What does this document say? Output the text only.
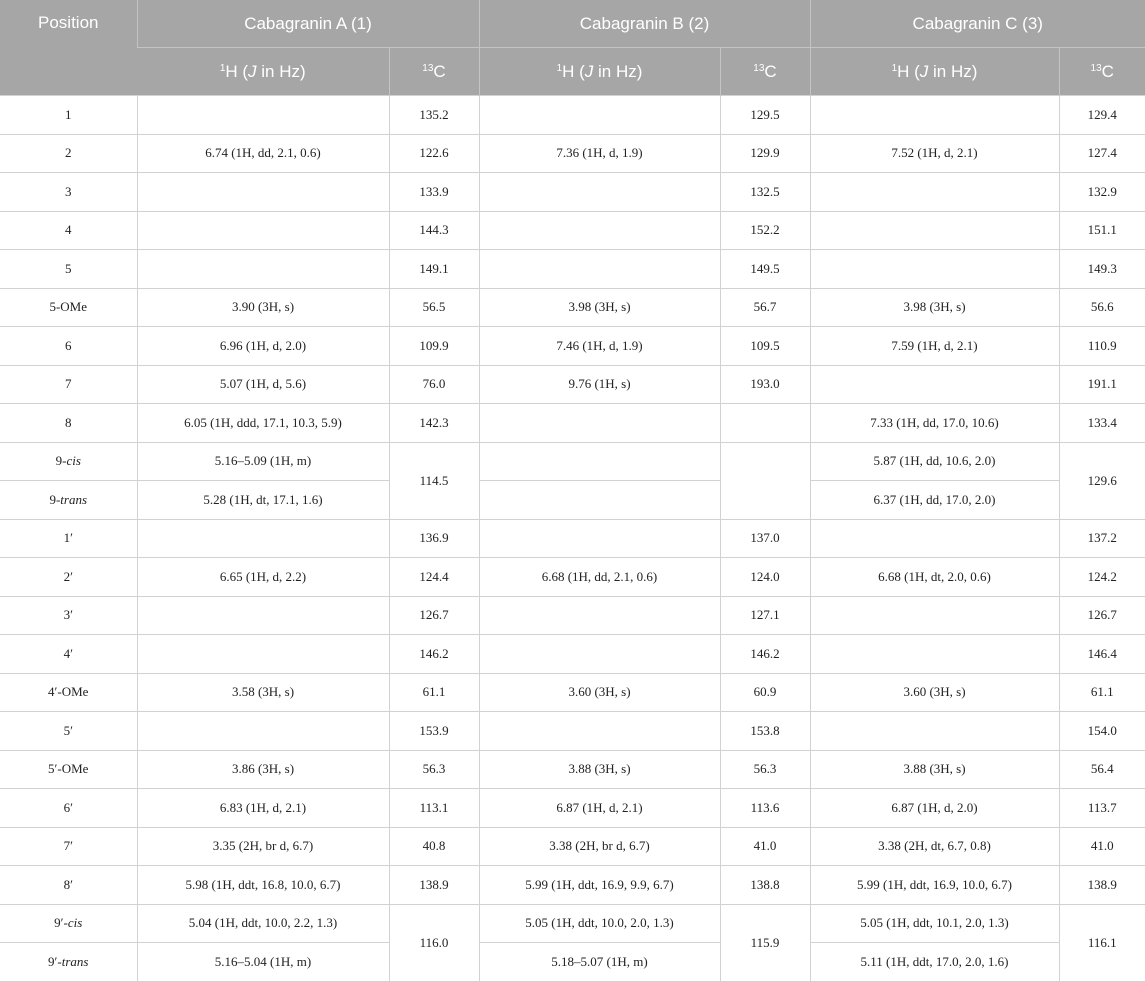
Position	Cabagranin A (1)		Cabagranin B (2)		Cabagranin C (3)	
	$^1$H (J in Hz)	$^{13}$C	$^1$H (J in Hz)	$^{13}$C	$^1$H (J in Hz)	$^{13}$C
1		135.2		129.5		129.4
2	6.74 (1H, dd, 2.1, 0.6)	122.6	7.36 (1H, d, 1.9)	129.9	7.52 (1H, d, 2.1)	127.4
3		133.9		132.5		132.9
4		144.3		152.2		151.1
5		149.1		149.5		149.3
5-OMe	3.90 (3H, s)	56.5	3.98 (3H, s)	56.7	3.98 (3H, s)	56.6
6	6.96 (1H, d, 2.0)	109.9	7.46 (1H, d, 1.9)	109.5	7.59 (1H, d, 2.1)	110.9
7	5.07 (1H, d, 5.6)	76.0	9.76 (1H, s)	193.0		191.1
8	6.05 (1H, ddd, 17.1, 10.3, 5.9)	142.3			7.33 (1H, dd, 17.0, 10.6)	133.4
9-cis	5.16–5.09 (1H, m)	114.5			5.87 (1H, dd, 10.6, 2.0)	129.6
9-trans	5.28 (1H, dt, 17.1, 1.6)				6.37 (1H, dd, 17.0, 2.0)	
1′		136.9		137.0		137.2
2′	6.65 (1H, d, 2.2)	124.4	6.68 (1H, dd, 2.1, 0.6)	124.0	6.68 (1H, dt, 2.0, 0.6)	124.2
3′		126.7		127.1		126.7
4′		146.2		146.2		146.4
4′-OMe	3.58 (3H, s)	61.1	3.60 (3H, s)	60.9	3.60 (3H, s)	61.1
5′		153.9		153.8		154.0
5′-OMe	3.86 (3H, s)	56.3	3.88 (3H, s)	56.3	3.88 (3H, s)	56.4
6′	6.83 (1H, d, 2.1)	113.1	6.87 (1H, d, 2.1)	113.6	6.87 (1H, d, 2.0)	113.7
7′	3.35 (2H, br d, 6.7)	40.8	3.38 (2H, br d, 6.7)	41.0	3.38 (2H, dt, 6.7, 0.8)	41.0
8′	5.98 (1H, ddt, 16.8, 10.0, 6.7)	138.9	5.99 (1H, ddt, 16.9, 9.9, 6.7)	138.8	5.99 (1H, ddt, 16.9, 10.0, 6.7)	138.9
9′-cis	5.04 (1H, ddt, 10.0, 2.2, 1.3)	116.0	5.05 (1H, ddt, 10.0, 2.0, 1.3)	115.9	5.05 (1H, ddt, 10.1, 2.0, 1.3)	116.1
9′-trans	5.16–5.04 (1H, m)		5.18–5.07 (1H, m)		5.11 (1H, ddt, 17.0, 2.0, 1.6)	
